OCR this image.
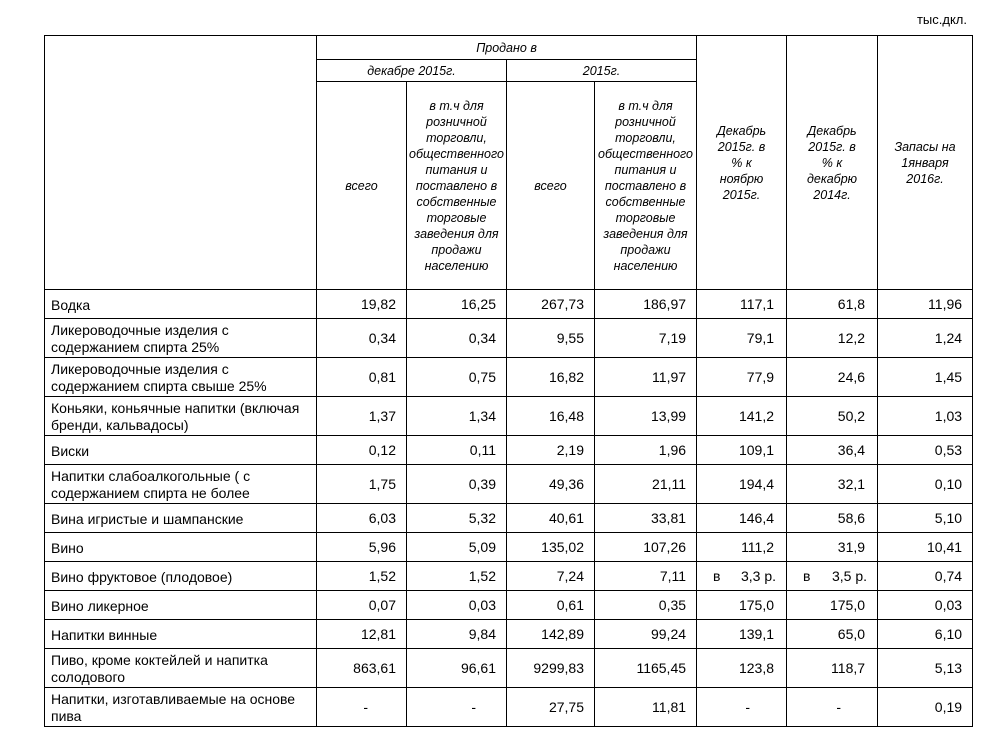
тыс.дкл.
	Продано в				Декабрь 2015г. в % к ноябрю 2015г.	Декабрь 2015г. в % к декабрю 2014г.	Запасы на 1января 2016г.
	декабре 2015г.		2015г.				
	всего	в т.ч для розничной торговли, общественного питания и поставлено в собственные торговые заведения для продажи населению	всего	в т.ч для розничной торговли, общественного питания и поставлено в собственные торговые заведения для продажи населению			
Водка	19,82	16,25	267,73	186,97	117,1	61,8	11,96
Ликероводочные изделия с содержанием спирта 25%	0,34	0,34	9,55	7,19	79,1	12,2	1,24
Ликероводочные изделия с содержанием спирта свыше 25%	0,81	0,75	16,82	11,97	77,9	24,6	1,45
Коньяки, коньячные напитки (включая бренди, кальвадосы)	1,37	1,34	16,48	13,99	141,2	50,2	1,03
Виски	0,12	0,11	2,19	1,96	109,1	36,4	0,53
Напитки слабоалкогольные ( с содержанием спирта не более	1,75	0,39	49,36	21,11	194,4	32,1	0,10
Вина игристые и шампанские	6,03	5,32	40,61	33,81	146,4	58,6	5,10
Вино	5,96	5,09	135,02	107,26	111,2	31,9	10,41
Вино фруктовое (плодовое)	1,52	1,52	7,24	7,11	в 3,3 р.	в 3,5 р.	0,74
Вино ликерное	0,07	0,03	0,61	0,35	175,0	175,0	0,03
Напитки винные	12,81	9,84	142,89	99,24	139,1	65,0	6,10
Пиво, кроме коктейлей и напитка солодового	863,61	96,61	9299,83	1165,45	123,8	118,7	5,13
Напитки, изготавливаемые на основе пива	-	-	27,75	11,81	-	-	0,19
